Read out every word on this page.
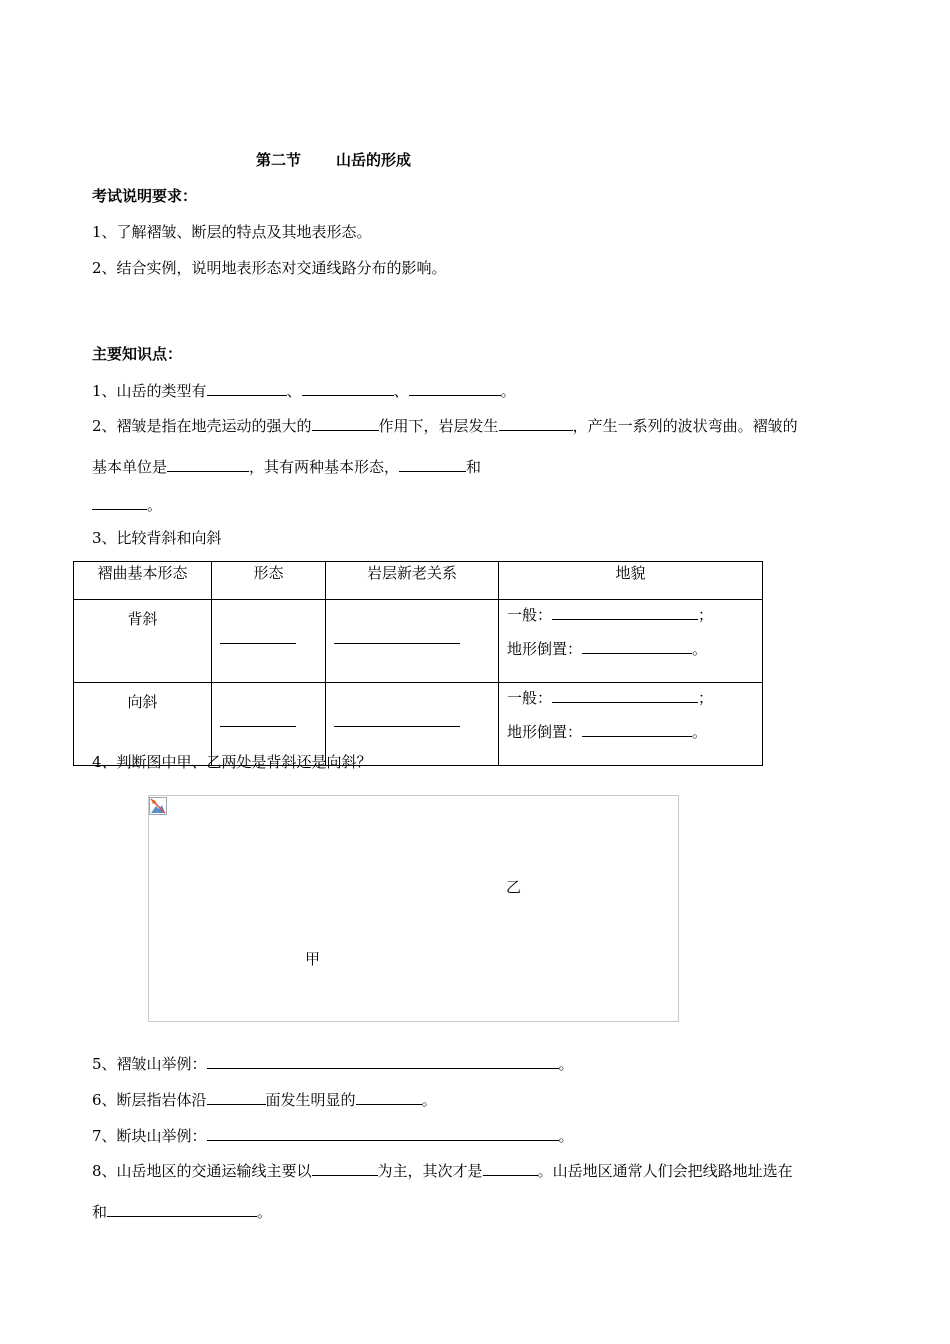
第二节 山岳的形成
考试说明要求：
1、了解褶皱、断层的特点及其地表形态。
2、结合实例，说明地表形态对交通线路分布的影响。
主要知识点：
1、山岳的类型有	、	、	。
2、褶皱是指在地壳运动的强大的	作用下，岩层发生	，产生一系列的波状弯曲。褶皱的
基本单位是	，其有两种基本形态，	和
。
3、比较背斜和向斜
褶曲基本形态	形态	岩层新老关系	地貌
背斜			一般： ；
地形倒置： 。

向斜			一般： ；
地形倒置： 。
4、判断图中甲、乙两处是背斜还是向斜？
乙
甲
5、褶皱山举例：	。
6、断层指岩体沿	面发生明显的	。
7、断块山举例：	。
8、山岳地区的交通运输线主要以	为主，其次才是	。山岳地区通常人们会把线路地址选在
和	。
